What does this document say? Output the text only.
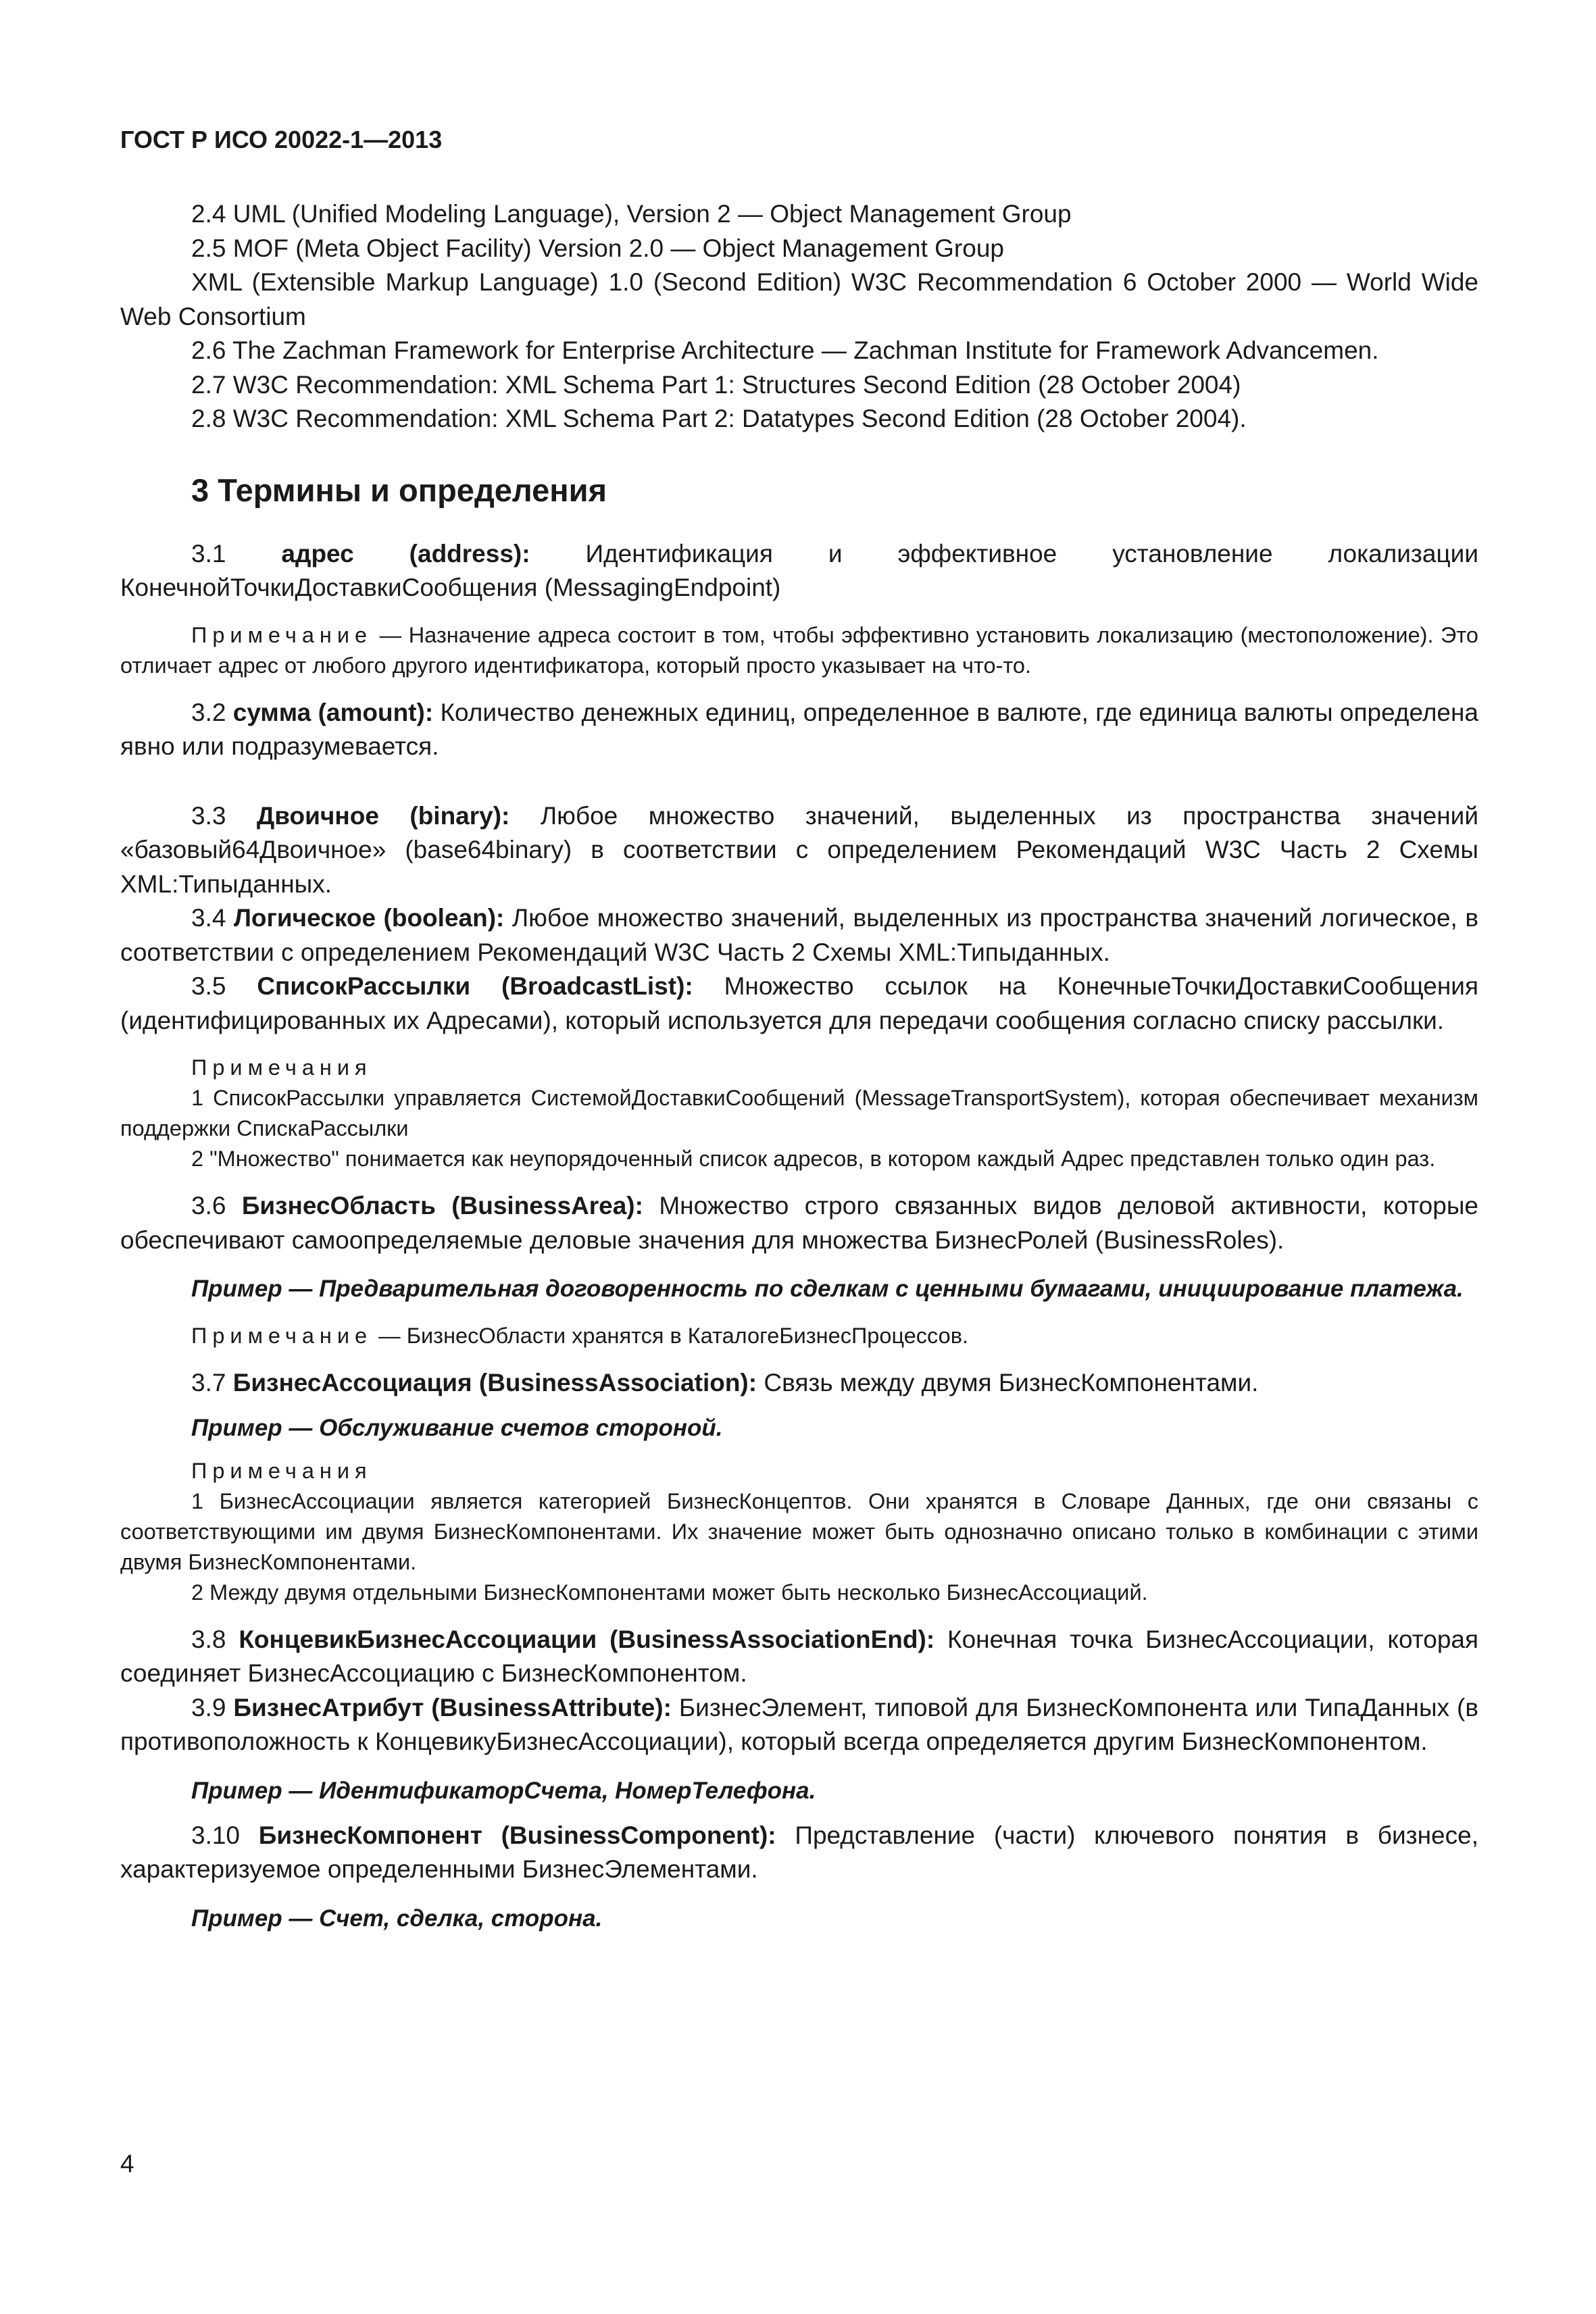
ГОСТ Р ИСО 20022-1—2013

2.4 UML (Unified Modeling Language), Version 2 — Object Management Group

2.5 MOF (Meta Object Facility) Version 2.0 — Object Management Group

XML (Extensible Markup Language) 1.0 (Second Edition) W3C Recommendation 6 October 2000 — World Wide Web Consortium

2.6 The Zachman Framework for Enterprise Architecture — Zachman Institute for Framework Advancemen.

2.7 W3C Recommendation: XML Schema Part 1: Structures Second Edition (28 October 2004)

2.8 W3C Recommendation: XML Schema Part 2: Datatypes Second Edition (28 October 2004).

3 Термины и определения

3.1 адрес (address): Идентификация и эффективное установление локализации КонечнойТочкиДоставкиСообщения (MessagingEndpoint)

Примечание — Назначение адреса состоит в том, чтобы эффективно установить локализацию (местоположение). Это отличает адрес от любого другого идентификатора, который просто указывает на что-то.

3.2 сумма (amount): Количество денежных единиц, определенное в валюте, где единица валюты определена явно или подразумевается.

3.3 Двоичное (binary): Любое множество значений, выделенных из пространства значений «базовый64Двоичное» (base64binary) в соответствии с определением Рекомендаций W3C Часть 2 Схемы XML:Типыданных.

3.4 Логическое (boolean): Любое множество значений, выделенных из пространства значений логическое, в соответствии с определением Рекомендаций W3C Часть 2 Схемы XML:Типыданных.

3.5 СписокРассылки (BroadcastList): Множество ссылок на КонечныеТочкиДоставкиСообщения (идентифицированных их Адресами), который используется для передачи сообщения согласно списку рассылки.

Примечания

1 СписокРассылки управляется СистемойДоставкиСообщений (MessageTransportSystem), которая обеспечивает механизм поддержки СпискаРассылки

2 "Множество" понимается как неупорядоченный список адресов, в котором каждый Адрес представлен только один раз.

3.6 БизнесОбласть (BusinessArea): Множество строго связанных видов деловой активности, которые обеспечивают самоопределяемые деловые значения для множества БизнесРолей (BusinessRoles).

Пример — Предварительная договоренность по сделкам с ценными бумагами, инициирование платежа.

Примечание — БизнесОбласти хранятся в КаталогеБизнесПроцессов.

3.7 БизнесАссоциация (BusinessAssociation): Связь между двумя БизнесКомпонентами.

Пример — Обслуживание счетов стороной.

Примечания

1 БизнесАссоциации является категорией БизнесКонцептов. Они хранятся в Словаре Данных, где они связаны с соответствующими им двумя БизнесКомпонентами. Их значение может быть однозначно описано только в комбинации с этими двумя БизнесКомпонентами.

2 Между двумя отдельными БизнесКомпонентами может быть несколько БизнесАссоциаций.

3.8 КонцевикБизнесАссоциации (BusinessAssociationEnd): Конечная точка БизнесАссоциации, которая соединяет БизнесАссоциацию с БизнесКомпонентом.

3.9 БизнесАтрибут (BusinessAttribute): БизнесЭлемент, типовой для БизнесКомпонента или ТипаДанных (в противоположность к КонцевикуБизнесАссоциации), который всегда определяется другим БизнесКомпонентом.

Пример — ИдентификаторСчета, НомерТелефона.

3.10 БизнесКомпонент (BusinessComponent): Представление (части) ключевого понятия в бизнесе, характеризуемое определенными БизнесЭлементами.

Пример — Счет, сделка, сторона.

4
